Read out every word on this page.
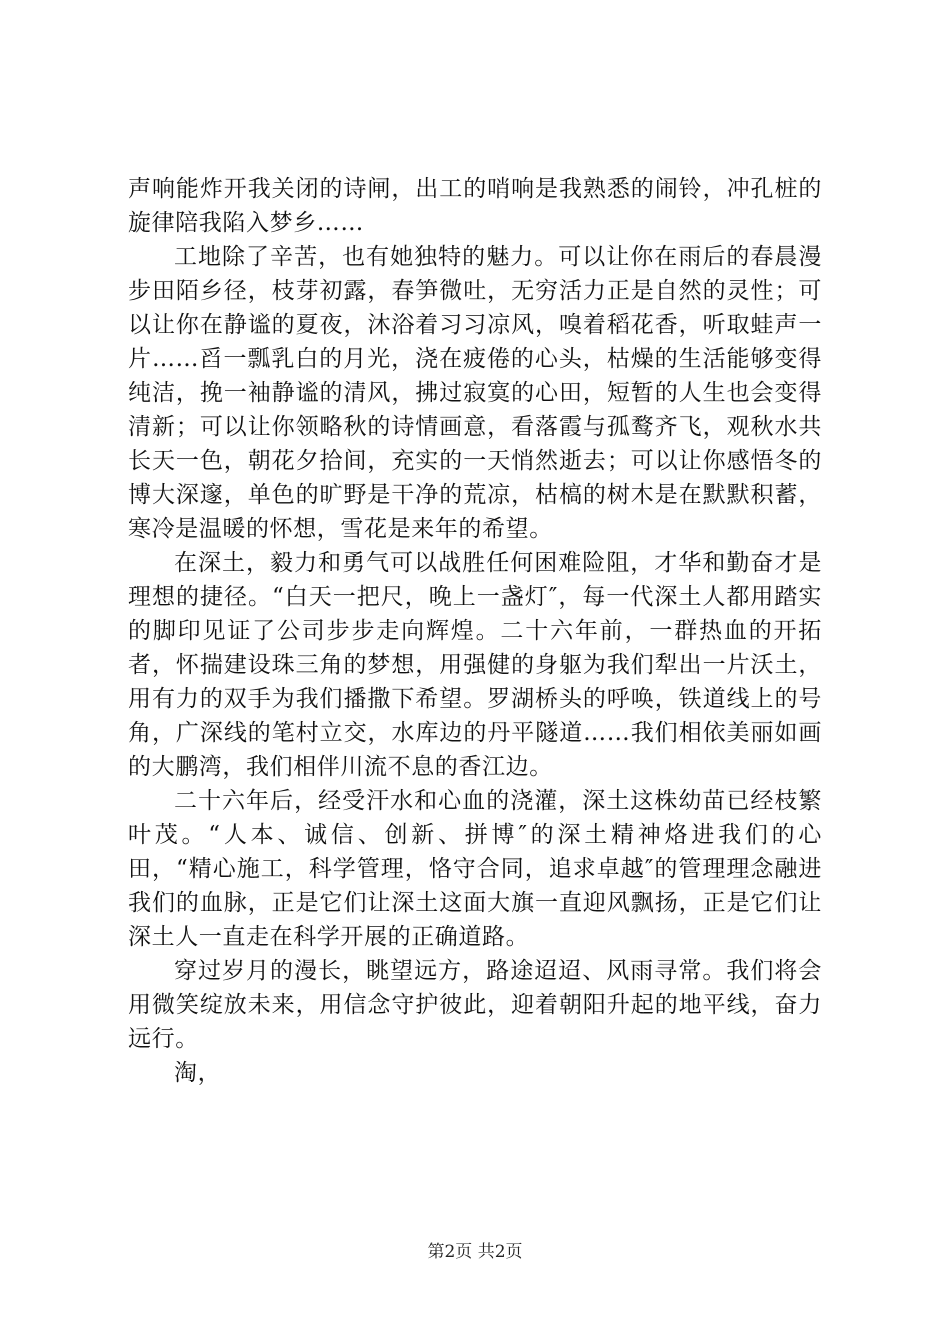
声响能炸开我关闭的诗闸，出工的哨响是我熟悉的闹铃，冲孔桩的旋律陪我陷入梦乡……

工地除了辛苦，也有她独特的魅力。可以让你在雨后的春晨漫步田陌乡径，枝芽初露，春笋微吐，无穷活力正是自然的灵性；可以让你在静谧的夏夜，沐浴着习习凉风，嗅着稻花香，听取蛙声一片……舀一瓢乳白的月光，浇在疲倦的心头，枯燥的生活能够变得纯洁，挽一袖静谧的清风，拂过寂寞的心田，短暂的人生也会变得清新；可以让你领略秋的诗情画意，看落霞与孤鹜齐飞，观秋水共长天一色，朝花夕拾间，充实的一天悄然逝去；可以让你感悟冬的博大深邃，单色的旷野是干净的荒凉，枯槁的树木是在默默积蓄，寒冷是温暖的怀想，雪花是来年的希望。

在深土，毅力和勇气可以战胜任何困难险阻，才华和勤奋才是理想的捷径。“白天一把尺，晚上一盏灯″，每一代深土人都用踏实的脚印见证了公司步步走向辉煌。二十六年前，一群热血的开拓者，怀揣建设珠三角的梦想，用强健的身躯为我们犁出一片沃土，用有力的双手为我们播撒下希望。罗湖桥头的呼唤，铁道线上的号角，广深线的笔村立交，水库边的丹平隧道……我们相依美丽如画的大鹏湾，我们相伴川流不息的香江边。

二十六年后，经受汗水和心血的浇灌，深土这株幼苗已经枝繁叶茂。“人本、诚信、创新、拼博″的深土精神烙进我们的心田，“精心施工，科学管理，恪守合同，追求卓越″的管理理念融进我们的血脉，正是它们让深土这面大旗一直迎风飘扬，正是它们让深土人一直走在科学开展的正确道路。

穿过岁月的漫长，眺望远方，路途迢迢、风雨寻常。我们将会用微笑绽放未来，用信念守护彼此，迎着朝阳升起的地平线，奋力远行。

淘，

第2页 共2页
